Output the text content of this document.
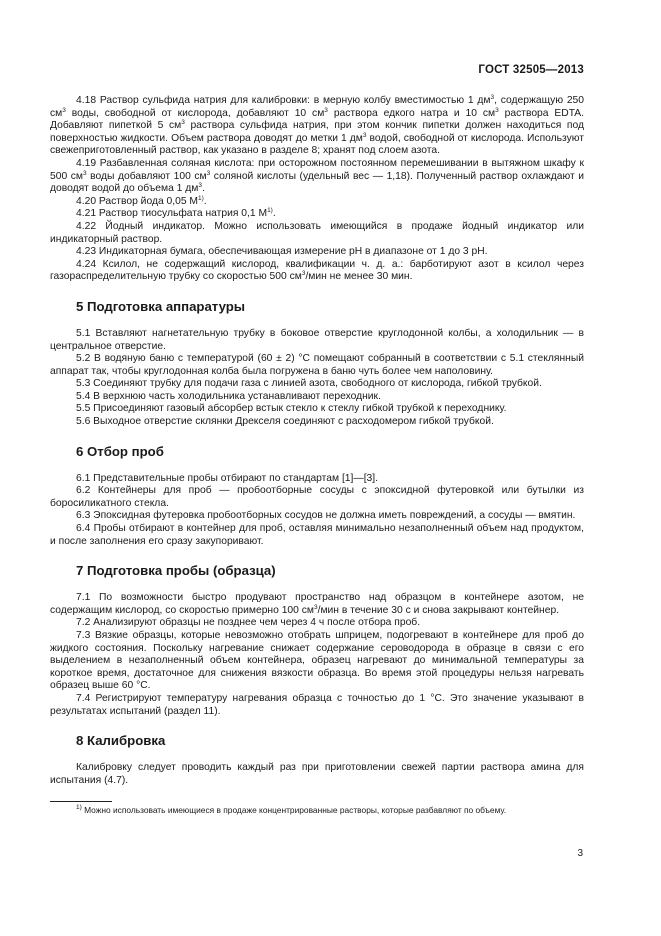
ГОСТ 32505—2013

4.18 Раствор сульфида натрия для калибровки: в мерную колбу вместимостью 1 $дм^3$, содержащую 250 $см^3$ воды, свободной от кислорода, добавляют 10 $см^3$ раствора едкого натра и 10 $см^3$ раствора EDTA. Добавляют пипеткой 5 $см^3$ раствора сульфида натрия, при этом кончик пипетки должен находиться под поверхностью жидкости. Объем раствора доводят до метки 1 $дм^3$ водой, свободной от кислорода. Используют свежеприготовленный раствор, как указано в разделе 8; хранят под слоем азота.

4.19 Разбавленная соляная кислота: при осторожном постоянном перемешивании в вытяжном шкафу к 500 $см^3$ воды добавляют 100 $см^3$ соляной кислоты (удельный вес — 1,18). Полученный раствор охлаждают и доводят водой до объема 1 $дм^3$.

4.20 Раствор йода 0,05 $М^{1)}$.

4.21 Раствор тиосульфата натрия 0,1 $М^{1)}$.

4.22 Йодный индикатор. Можно использовать имеющийся в продаже йодный индикатор или индикаторный раствор.

4.23 Индикаторная бумага, обеспечивающая измерение рН в диапазоне от 1 до 3 рН.

4.24 Ксилол, не содержащий кислород, квалификации ч. д. а.: барботируют азот в ксилол через газораспределительную трубку со скоростью 500 $см^3$/мин не менее 30 мин.

5 Подготовка аппаратуры

5.1 Вставляют нагнетательную трубку в боковое отверстие круглодонной колбы, а холодильник — в центральное отверстие.

5.2 В водяную баню с температурой (60 ± 2) °С помещают собранный в соответствии с 5.1 стеклянный аппарат так, чтобы круглодонная колба была погружена в баню чуть более чем наполовину.

5.3 Соединяют трубку для подачи газа с линией азота, свободного от кислорода, гибкой трубкой.

5.4 В верхнюю часть холодильника устанавливают переходник.

5.5 Присоединяют газовый абсорбер встык стекло к стеклу гибкой трубкой к переходнику.

5.6 Выходное отверстие склянки Дрекселя соединяют с расходомером гибкой трубкой.

6 Отбор проб

6.1 Представительные пробы отбирают по стандартам [1]—[3].

6.2 Контейнеры для проб — пробоотборные сосуды с эпоксидной футеровкой или бутылки из боросиликатного стекла.

6.3 Эпоксидная футеровка пробоотборных сосудов не должна иметь повреждений, а сосуды — вмятин.

6.4 Пробы отбирают в контейнер для проб, оставляя минимально незаполненный объем над продуктом, и после заполнения его сразу закупоривают.

7 Подготовка пробы (образца)

7.1 По возможности быстро продувают пространство над образцом в контейнере азотом, не содержащим кислород, со скоростью примерно 100 $см^3$/мин в течение 30 с и снова закрывают контейнер.

7.2 Анализируют образцы не позднее чем через 4 ч после отбора проб.

7.3 Вязкие образцы, которые невозможно отобрать шприцем, подогревают в контейнере для проб до жидкого состояния. Поскольку нагревание снижает содержание сероводорода в образце в связи с его выделением в незаполненный объем контейнера, образец нагревают до минимальной температуры за короткое время, достаточное для снижения вязкости образца. Во время этой процедуры нельзя нагревать образец выше 60 °С.

7.4 Регистрируют температуру нагревания образца с точностью до 1 °С. Это значение указывают в результатах испытаний (раздел 11).

8 Калибровка

Калибровку следует проводить каждый раз при приготовлении свежей партии раствора амина для испытания (4.7).

$^{1)}$ Можно использовать имеющиеся в продаже концентрированные растворы, которые разбавляют по объему.
3
